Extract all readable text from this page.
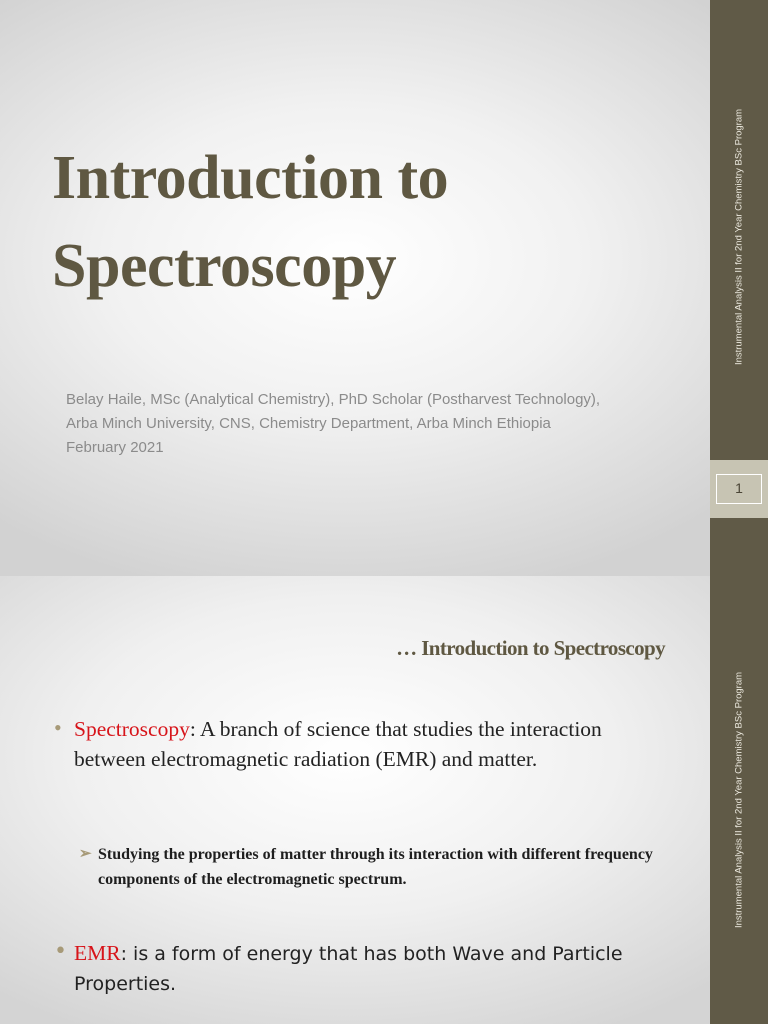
Instrumental Analysis II for 2nd Year Chemistry BSc Program
1
Introduction to Spectroscopy
Belay Haile, MSc (Analytical Chemistry), PhD Scholar (Postharvest Technology),
Arba Minch University, CNS, Chemistry Department, Arba Minch Ethiopia
February 2021
Instrumental Analysis II for 2nd Year Chemistry BSc Program
… Introduction to Spectroscopy
• Spectroscopy: A branch of science that studies the interaction between electromagnetic radiation (EMR) and matter.
➢ Studying the properties of matter through its interaction with different frequency components of the electromagnetic spectrum.
• EMR: is a form of energy that has both Wave and Particle Properties.
